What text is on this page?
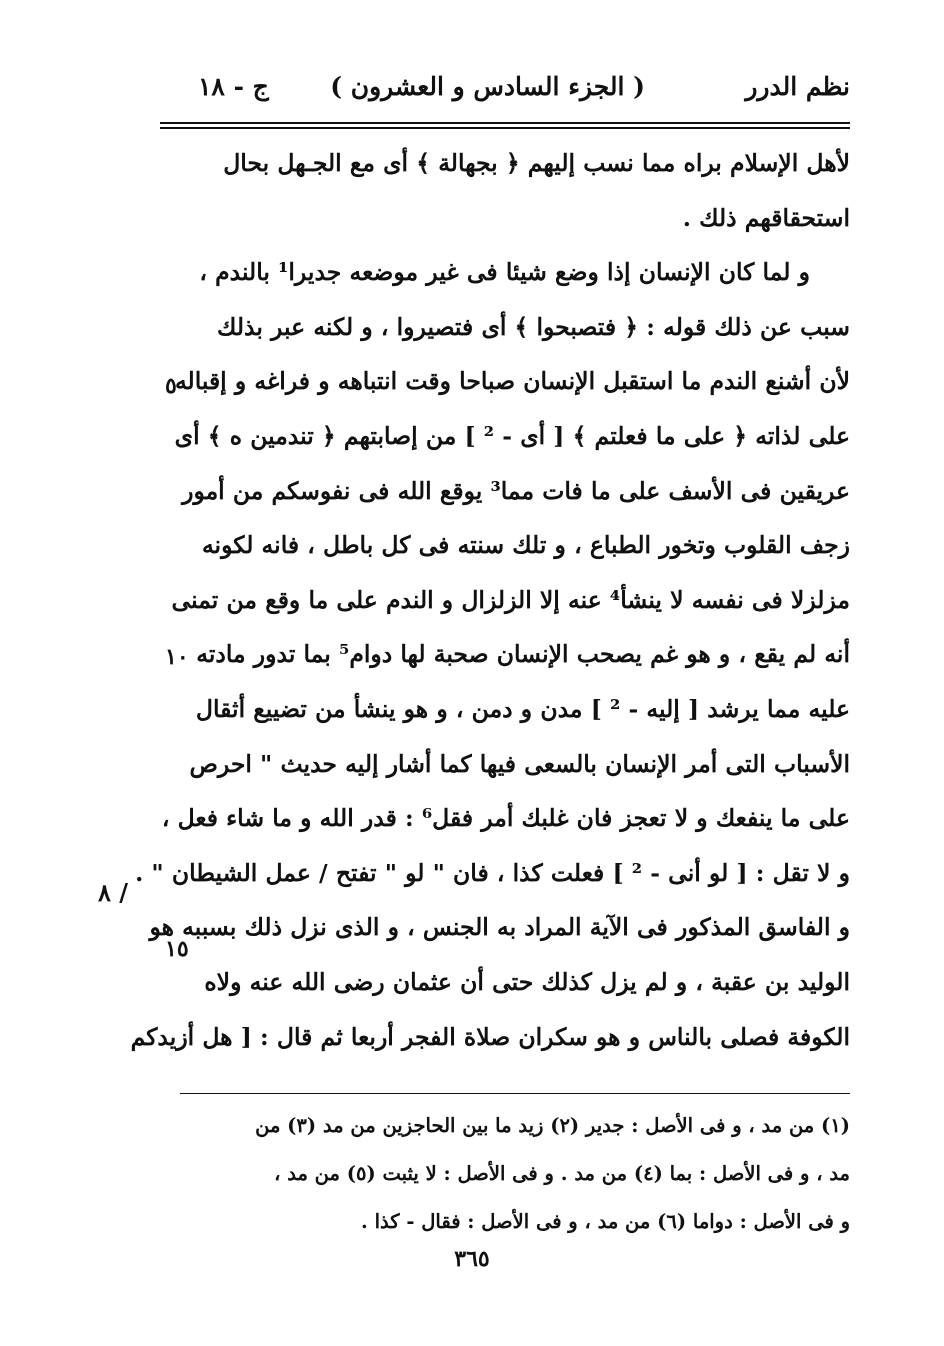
نظم الدرر
( الجزء السادس و العشرون )
ج - ١٨
لأهل الإسلام براه مما نسب إليهم ﴿ بجهالة ﴾ أى مع الجـهل بحال
استحقاقهم ذلك .
و لما كان الإنسان إذا وضع شيئا فى غير موضعه جديرا¹ بالندم ،
سبب عن ذلك قوله : ﴿ فتصبحوا ﴾ أى فتصيروا ، و لكنه عبر بذلك
لأن أشنع الندم ما استقبل الإنسان صباحا وقت انتباهه و فراغه و إقباله
على لذاته ﴿ على ما فعلتم ﴾ [ أى - ² ] من إصابتهم ﴿ تندمين ه ﴾ أى
عريقين فى الأسف على ما فات مما³ يوقع الله فى نفوسكم من أمور
زجف القلوب وتخور الطباع ، و تلك سنته فى كل باطل ، فانه لكونه
مزلزلا فى نفسه لا ينشأ⁴ عنه إلا الزلزال و الندم على ما وقع من تمنى
أنه لم يقع ، و هو غم يصحب الإنسان صحبة لها دوام⁵ بما تدور مادته
عليه مما يرشد [ إليه - ² ] مدن و دمن ، و هو ينشأ من تضييع أثقال
الأسباب التى أمر الإنسان بالسعى فيها كما أشار إليه حديث " احرص
على ما ينفعك و لا تعجز فان غلبك أمر فقل⁶ : قدر الله و ما شاء فعل ،
و لا تقل : [ لو أنى - ² ] فعلت كذا ، فان " لو " تفتح / عمل الشيطان " .
و الفاسق المذكور فى الآية المراد به الجنس ، و الذى نزل ذلك بسببه هو
الوليد بن عقبة ، و لم يزل كذلك حتى أن عثمان رضى الله عنه ولاه
الكوفة فصلى بالناس و هو سكران صلاة الفجر أربعا ثم قال : [ هل أزيدكم
٥
١٠
١٥
٨ /
(١) من مد ، و فى الأصل : جدير (٢) زيد ما بين الحاجزين من مد (٣) من
مد ، و فى الأصل : بما (٤) من مد . و فى الأصل : لا يثبت (٥) من مد ،
و فى الأصل : دواما (٦) من مد ، و فى الأصل : فقال - كذا .
٣٦٥
